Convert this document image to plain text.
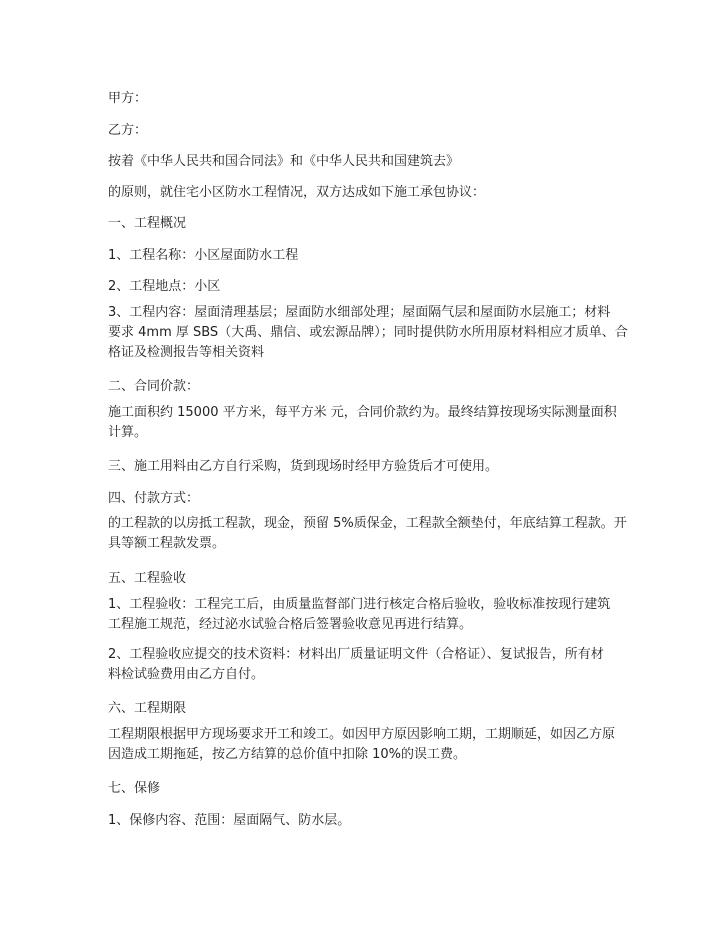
甲方：

乙方：

按着《中华人民共和国合同法》和《中华人民共和国建筑去》

的原则，就住宅小区防水工程情况，双方达成如下施工承包协议：

一、工程概况

1、工程名称：小区屋面防水工程

2、工程地点：小区

3、工程内容：屋面清理基层；屋面防水细部处理；屋面隔气层和屋面防水层施工；材料
要求 4mm 厚 SBS（大禹、鼎信、或宏源品牌）；同时提供防水所用原材料相应才质单、合
格证及检测报告等相关资料

二、合同价款：

施工面积约 15000 平方米，每平方米 元，合同价款约为。最终结算按现场实际测量面积
计算。

三、施工用料由乙方自行采购，货到现场时经甲方验货后才可使用。

四、付款方式：

的工程款的以房抵工程款，现金，预留 5%质保金，工程款全额垫付，年底结算工程款。开
具等额工程款发票。

五、工程验收

1、工程验收：工程完工后，由质量监督部门进行核定合格后验收，验收标准按现行建筑
工程施工规范，经过泌水试验合格后签署验收意见再进行结算。

2、工程验收应提交的技术资料：材料出厂质量证明文件（合格证）、复试报告，所有材
料检试验费用由乙方自付。

六、工程期限

工程期限根据甲方现场要求开工和竣工。如因甲方原因影响工期，工期顺延，如因乙方原
因造成工期拖延，按乙方结算的总价值中扣除 10%的误工费。

七、保修

1、保修内容、范围：屋面隔气、防水层。
